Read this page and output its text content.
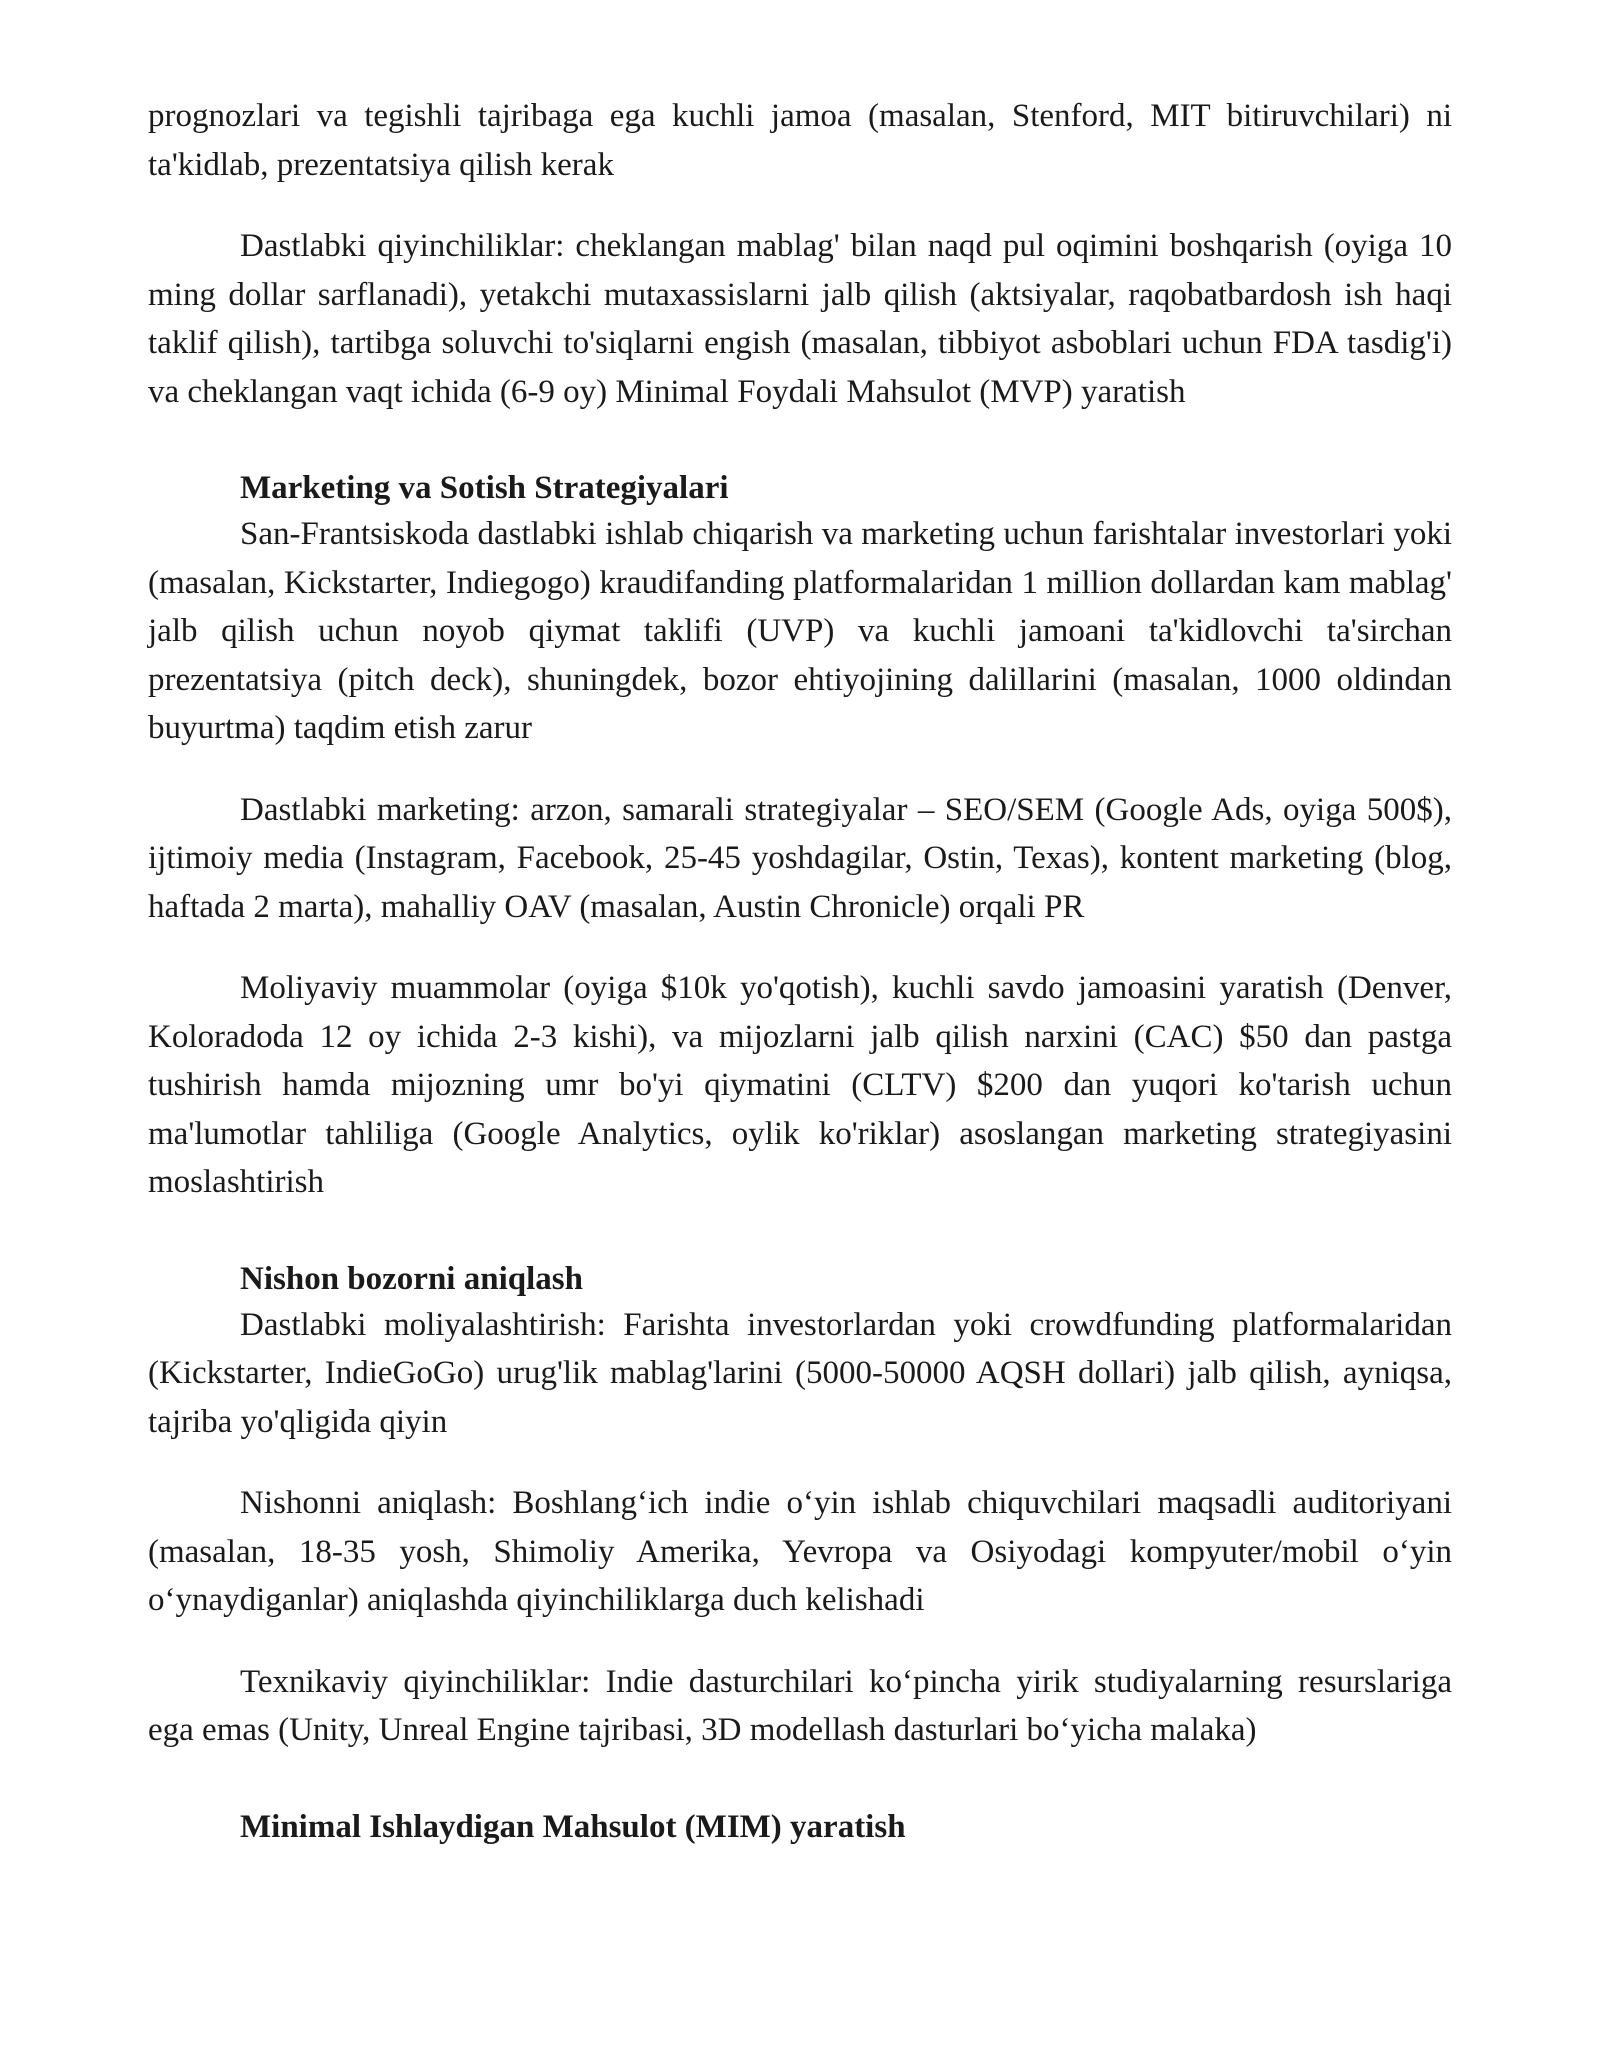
prognozlari va tegishli tajribaga ega kuchli jamoa (masalan, Stenford, MIT bitiruvchilari) ni ta'kidlab, prezentatsiya qilish kerak

Dastlabki qiyinchiliklar: cheklangan mablag' bilan naqd pul oqimini boshqarish (oyiga 10 ming dollar sarflanadi), yetakchi mutaxassislarni jalb qilish (aktsiyalar, raqobatbardosh ish haqi taklif qilish), tartibga soluvchi to'siqlarni engish (masalan, tibbiyot asboblari uchun FDA tasdig'i) va cheklangan vaqt ichida (6-9 oy) Minimal Foydali Mahsulot (MVP) yaratish

Marketing va Sotish Strategiyalari

San-Frantsiskoda dastlabki ishlab chiqarish va marketing uchun farishtalar investorlari yoki (masalan, Kickstarter, Indiegogo) kraudifanding platformalaridan 1 million dollardan kam mablag' jalb qilish uchun noyob qiymat taklifi (UVP) va kuchli jamoani ta'kidlovchi ta'sirchan prezentatsiya (pitch deck), shuningdek, bozor ehtiyojining dalillarini (masalan, 1000 oldindan buyurtma) taqdim etish zarur

Dastlabki marketing: arzon, samarali strategiyalar – SEO/SEM (Google Ads, oyiga 500$), ijtimoiy media (Instagram, Facebook, 25-45 yoshdagilar, Ostin, Texas), kontent marketing (blog, haftada 2 marta), mahalliy OAV (masalan, Austin Chronicle) orqali PR

Moliyaviy muammolar (oyiga $10k yo'qotish), kuchli savdo jamoasini yaratish (Denver, Koloradoda 12 oy ichida 2-3 kishi), va mijozlarni jalb qilish narxini (CAC) $50 dan pastga tushirish hamda mijozning umr bo'yi qiymatini (CLTV) $200 dan yuqori ko'tarish uchun ma'lumotlar tahliliga (Google Analytics, oylik ko'riklar) asoslangan marketing strategiyasini moslashtirish

Nishon bozorni aniqlash

Dastlabki moliyalashtirish: Farishta investorlardan yoki crowdfunding platformalaridan (Kickstarter, IndieGoGo) urug'lik mablag'larini (5000-50000 AQSH dollari) jalb qilish, ayniqsa, tajriba yo'qligida qiyin

Nishonni aniqlash: Boshlang‘ich indie o‘yin ishlab chiquvchilari maqsadli auditoriyani (masalan, 18-35 yosh, Shimoliy Amerika, Yevropa va Osiyodagi kompyuter/mobil o‘yin o‘ynaydiganlar) aniqlashda qiyinchiliklarga duch kelishadi

Texnikaviy qiyinchiliklar: Indie dasturchilari ko‘pincha yirik studiyalarning resurslariga ega emas (Unity, Unreal Engine tajribasi, 3D modellash dasturlari bo‘yicha malaka)

Minimal Ishlaydigan Mahsulot (MIM) yaratish
